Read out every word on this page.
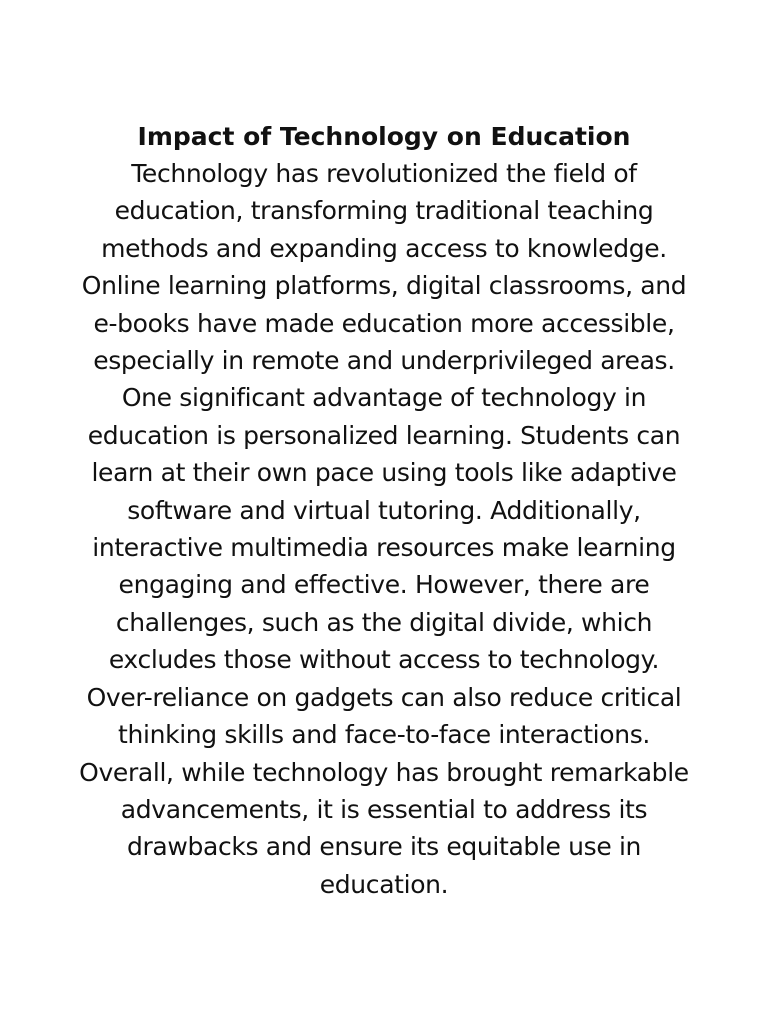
Impact of Technology on Education

Technology has revolutionized the field of
education, transforming traditional teaching
methods and expanding access to knowledge.
Online learning platforms, digital classrooms, and
e-books have made education more accessible,
especially in remote and underprivileged areas.
One significant advantage of technology in
education is personalized learning. Students can
learn at their own pace using tools like adaptive
software and virtual tutoring. Additionally,
interactive multimedia resources make learning
engaging and effective. However, there are
challenges, such as the digital divide, which
excludes those without access to technology.
Over-reliance on gadgets can also reduce critical
thinking skills and face-to-face interactions.
Overall, while technology has brought remarkable
advancements, it is essential to address its
drawbacks and ensure its equitable use in
education.
